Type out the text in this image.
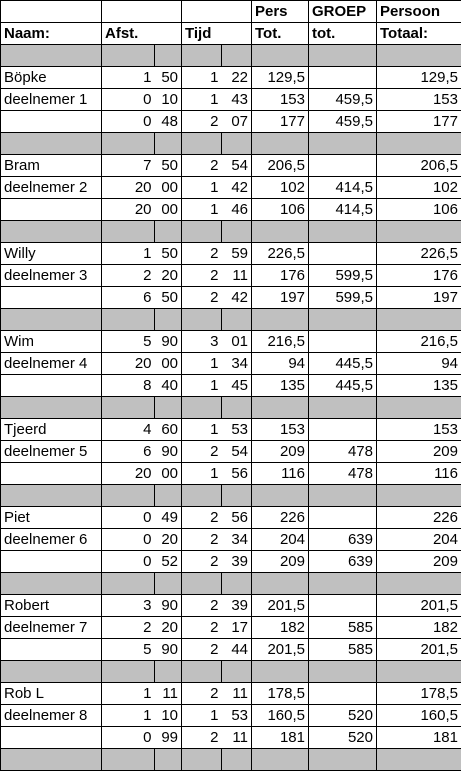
					Pers	GROEP	Persoon
Naam:	Afst.		Tijd		Tot.	tot.	Totaal:

Böpke	1	50	1	22	129,5		129,5
deelnemer 1	0	10	1	43	153	459,5	153
	0	48	2	07	177	459,5	177

Bram	7	50	2	54	206,5		206,5
deelnemer 2	20	00	1	42	102	414,5	102
	20	00	1	46	106	414,5	106

Willy	1	50	2	59	226,5		226,5
deelnemer 3	2	20	2	11	176	599,5	176
	6	50	2	42	197	599,5	197

Wim	5	90	3	01	216,5		216,5
deelnemer 4	20	00	1	34	94	445,5	94
	8	40	1	45	135	445,5	135

Tjeerd	4	60	1	53	153		153
deelnemer 5	6	90	2	54	209	478	209
	20	00	1	56	116	478	116

Piet	0	49	2	56	226		226
deelnemer 6	0	20	2	34	204	639	204
	0	52	2	39	209	639	209

Robert	3	90	2	39	201,5		201,5
deelnemer 7	2	20	2	17	182	585	182
	5	90	2	44	201,5	585	201,5

Rob L	1	11	2	11	178,5		178,5
deelnemer 8	1	10	1	53	160,5	520	160,5
	0	99	2	11	181	520	181
